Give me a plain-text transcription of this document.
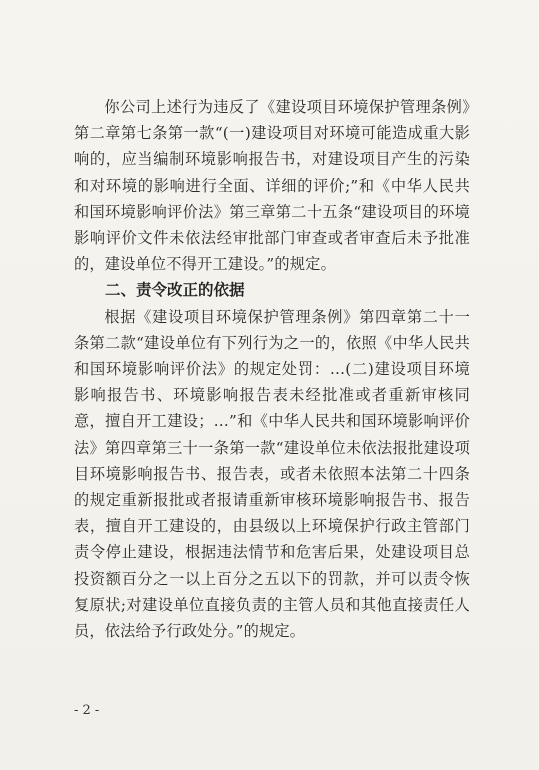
你公司上述行为违反了《建设项目环境保护管理条例》第二章第七条第一款“(一)建设项目对环境可能造成重大影响的，应当编制环境影响报告书，对建设项目产生的污染和对环境的影响进行全面、详细的评价;”和《中华人民共和国环境影响评价法》第三章第二十五条“建设项目的环境影响评价文件未依法经审批部门审查或者审查后未予批准的，建设单位不得开工建设。”的规定。

二、责令改正的依据

根据《建设项目环境保护管理条例》第四章第二十一条第二款“建设单位有下列行为之一的，依照《中华人民共和国环境影响评价法》的规定处罚：…(二)建设项目环境影响报告书、环境影响报告表未经批准或者重新审核同意，擅自开工建设；…”和《中华人民共和国环境影响评价法》第四章第三十一条第一款“建设单位未依法报批建设项目环境影响报告书、报告表，或者未依照本法第二十四条的规定重新报批或者报请重新审核环境影响报告书、报告表，擅自开工建设的，由县级以上环境保护行政主管部门责令停止建设，根据违法情节和危害后果，处建设项目总投资额百分之一以上百分之五以下的罚款，并可以责令恢复原状;对建设单位直接负责的主管人员和其他直接责任人员，依法给予行政处分。”的规定。

- 2 -
